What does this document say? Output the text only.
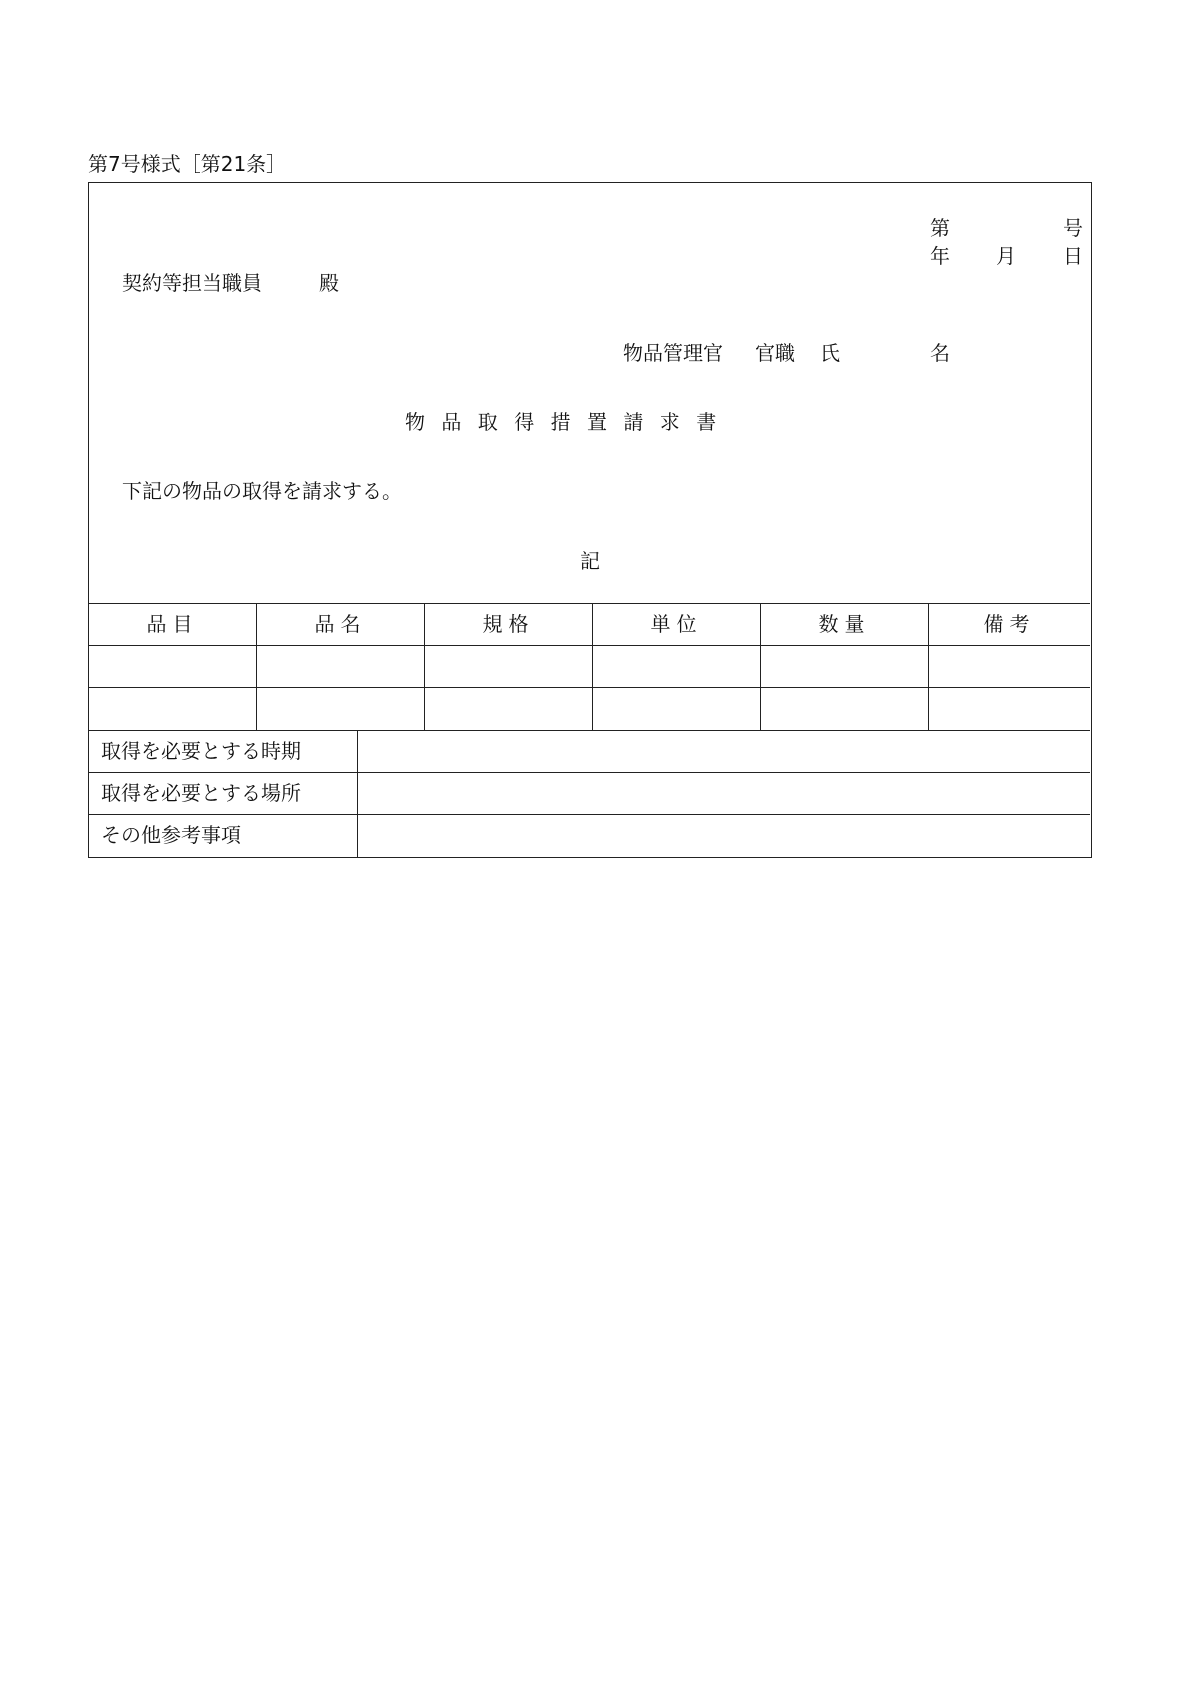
第7号様式［第21条］
第	号
年 月 日
契約等担当職員	殿
物品管理官 官職 氏	名
物品取得措置請求書
下記の物品の取得を請求する。
記
品目	品名	規格	単位	数量	備考
取得を必要とする時期
取得を必要とする場所
その他参考事項
